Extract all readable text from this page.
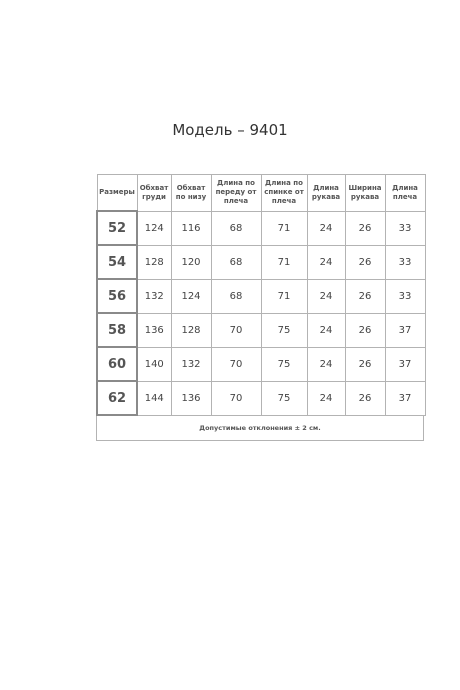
Модель – 9401
Размеры	Обхват груди	Обхват по низу	Длина по переду от плеча	Длина по спинке от плеча	Длина рукава	Ширина рукава	Длина плеча
52	124	116	68	71	24	26	33
54	128	120	68	71	24	26	33
56	132	124	68	71	24	26	33
58	136	128	70	75	24	26	37
60	140	132	70	75	24	26	37
62	144	136	70	75	24	26	37
Допустимые отклонения ± 2 см.
